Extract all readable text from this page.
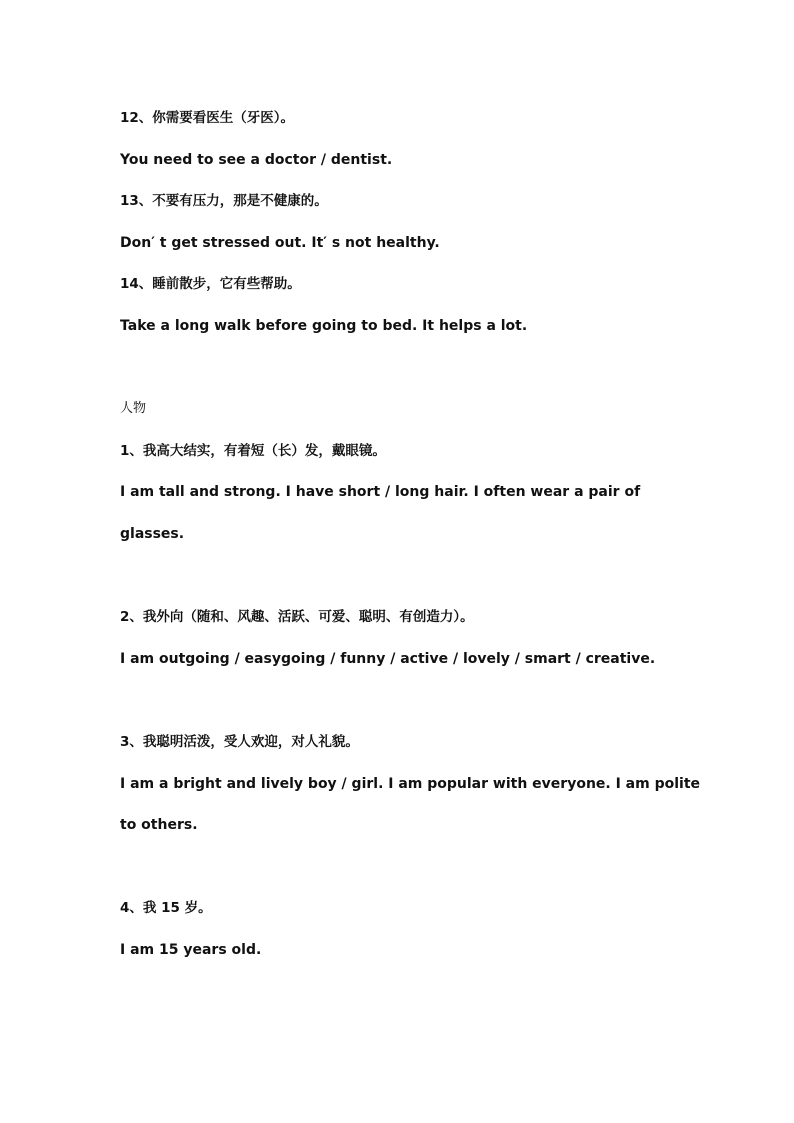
12、你需要看医生（牙医）。
You need to see a doctor / dentist.
13、不要有压力，那是不健康的。
Don′ t get stressed out. It′ s not healthy.
14、睡前散步，它有些帮助。
Take a long walk before going to bed. It helps a lot.
人物
1、我高大结实，有着短（长）发，戴眼镜。
I am tall and strong. I have short / long hair. I often wear a pair of
glasses.
2、我外向（随和、风趣、活跃、可爱、聪明、有创造力）。
I am outgoing / easygoing / funny / active / lovely / smart / creative.
3、我聪明活泼，受人欢迎，对人礼貌。
I am a bright and lively boy / girl. I am popular with everyone. I am polite
to others.
4、我 15 岁。
I am 15 years old.
